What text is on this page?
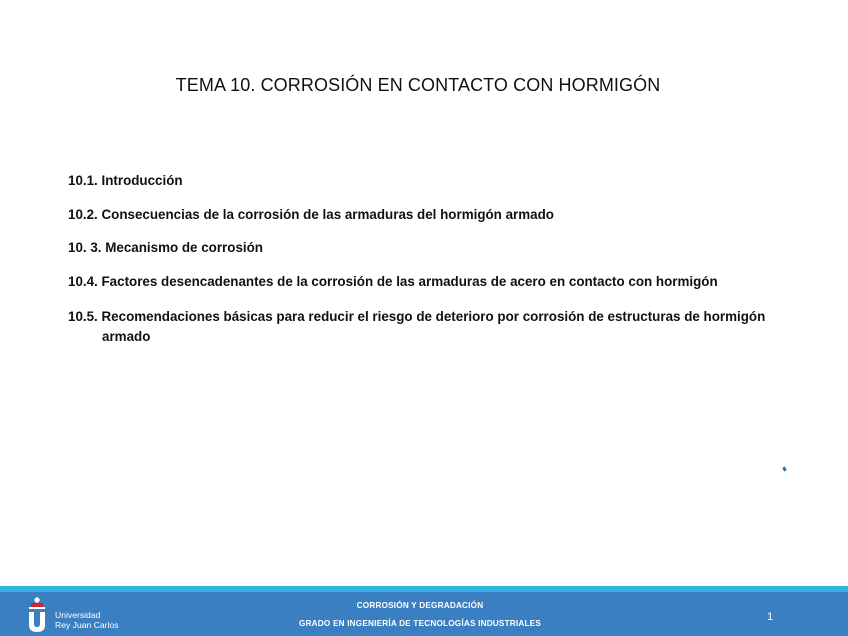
TEMA 10. CORROSIÓN EN CONTACTO CON HORMIGÓN
10.1. Introducción
10.2. Consecuencias de la corrosión de las armaduras del hormigón armado
10. 3. Mecanismo de corrosión
10.4. Factores desencadenantes de la corrosión de las armaduras de acero en contacto con hormigón
10.5. Recomendaciones básicas para reducir el riesgo de deterioro por corrosión de estructuras de hormigón armado
Universidad
Rey Juan Carlos
CORROSIÓN Y DEGRADACIÓN
GRADO EN INGENIERÍA DE TECNOLOGÍAS INDUSTRIALES
1
